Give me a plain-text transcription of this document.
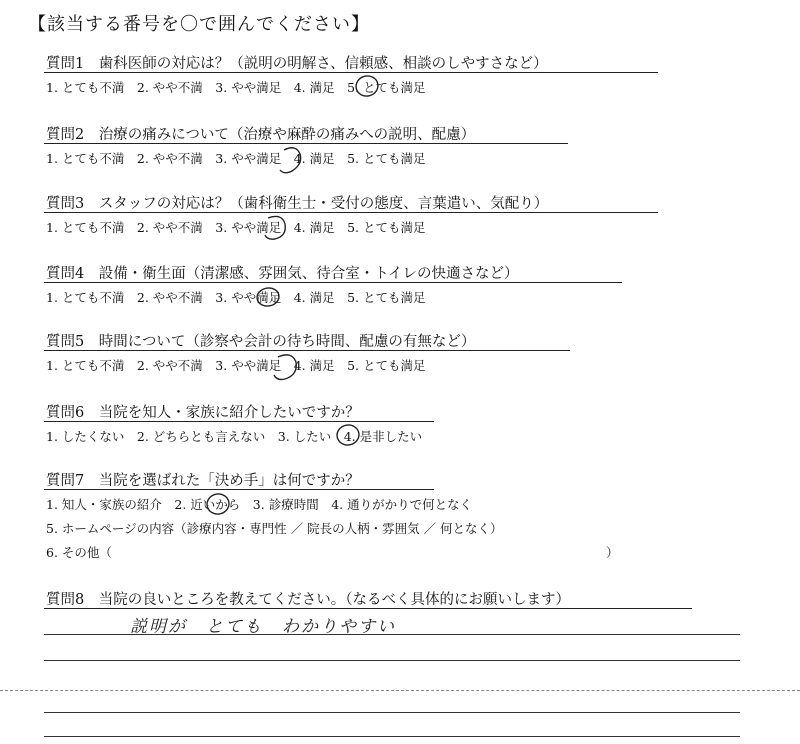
【該当する番号を〇で囲んでください】
質問1　歯科医師の対応は？（説明の明解さ、信頼感、相談のしやすさなど）
1. とても不満　2. やや不満　3. やや満足　4. 満足　5. とても満足
質問2　治療の痛みについて（治療や麻酔の痛みへの説明、配慮）
1. とても不満　2. やや不満　3. やや満足　4. 満足　5. とても満足
質問3　スタッフの対応は？（歯科衛生士・受付の態度、言葉遣い、気配り）
1. とても不満　2. やや不満　3. やや満足　4. 満足　5. とても満足
質問4　設備・衛生面（清潔感、雰囲気、待合室・トイレの快適さなど）
1. とても不満　2. やや不満　3. やや満足　4. 満足　5. とても満足
質問5　時間について（診察や会計の待ち時間、配慮の有無など）
1. とても不満　2. やや不満　3. やや満足　4. 満足　5. とても満足
質問6　当院を知人・家族に紹介したいですか？
1. したくない　2. どちらとも言えない　3. したい　4. 是非したい
質問7　当院を選ばれた「決め手」は何ですか？
1. 知人・家族の紹介　2. 近いから　3. 診療時間　4. 通りがかりで何となく
5. ホームページの内容（診療内容・専門性 ／ 院長の人柄・雰囲気 ／ 何となく）
6. その他（	）
質問8　当院の良いところを教えてください。（なるべく具体的にお願いします）
説明が　とても　わかりやすい
